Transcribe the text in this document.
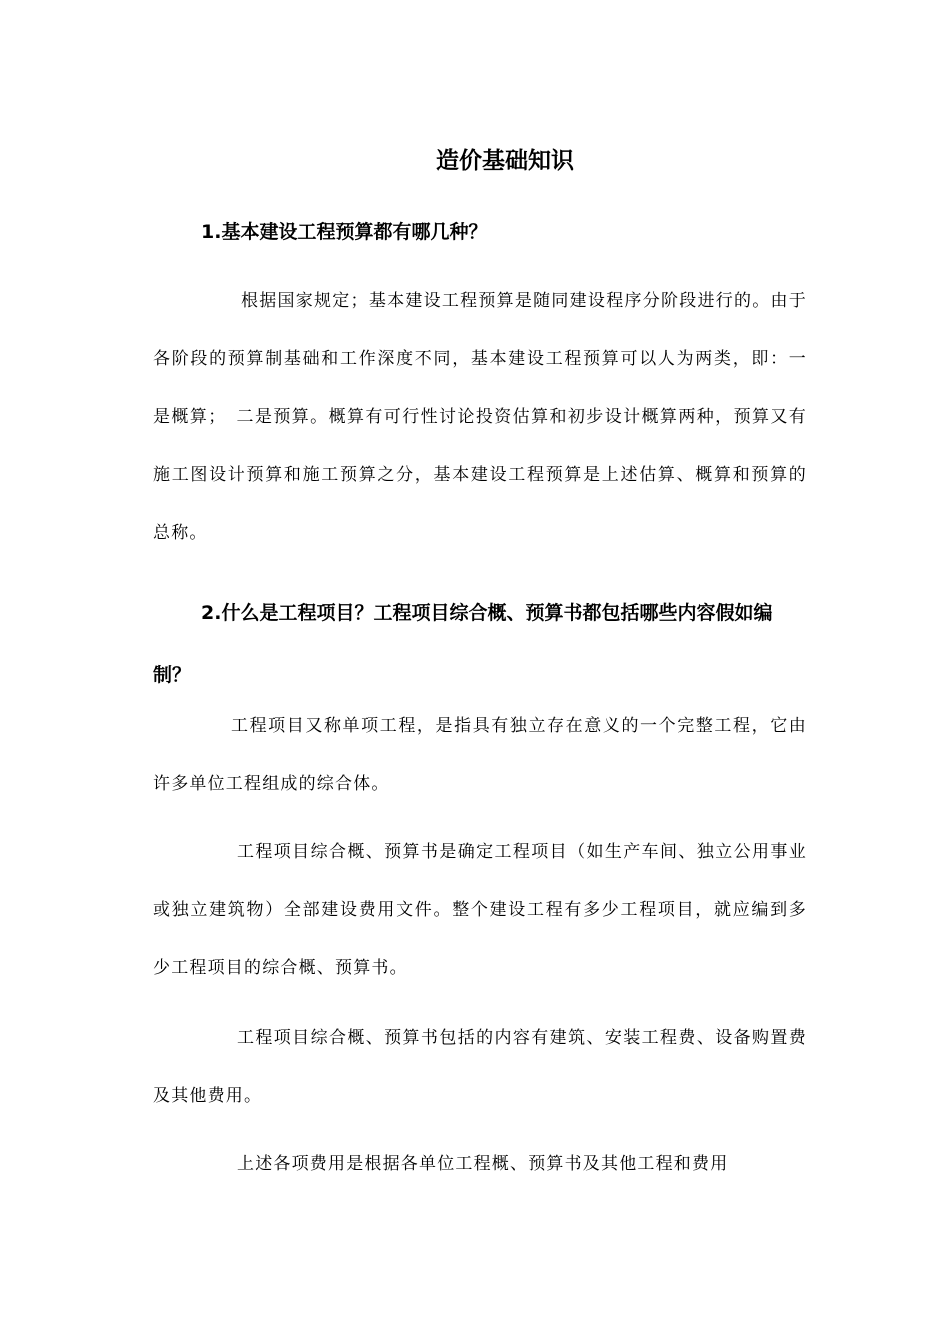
造价基础知识
1.基本建设工程预算都有哪几种？

根据国家规定；基本建设工程预算是随同建设程序分阶段进行的。由于各阶段的预算制基础和工作深度不同，基本建设工程预算可以人为两类，即：一是概算；　二是预算。概算有可行性讨论投资估算和初步设计概算两种，预算又有施工图设计预算和施工预算之分，基本建设工程预算是上述估算、概算和预算的总称。

2.什么是工程项目？工程项目综合概、预算书都包括哪些内容假如编制？

工程项目又称单项工程，是指具有独立存在意义的一个完整工程，它由许多单位工程组成的综合体。

工程项目综合概、预算书是确定工程项目（如生产车间、独立公用事业或独立建筑物）全部建设费用文件。整个建设工程有多少工程项目，就应编到多少工程项目的综合概、预算书。

工程项目综合概、预算书包括的内容有建筑、安装工程费、设备购置费及其他费用。

上述各项费用是根据各单位工程概、预算书及其他工程和费用
